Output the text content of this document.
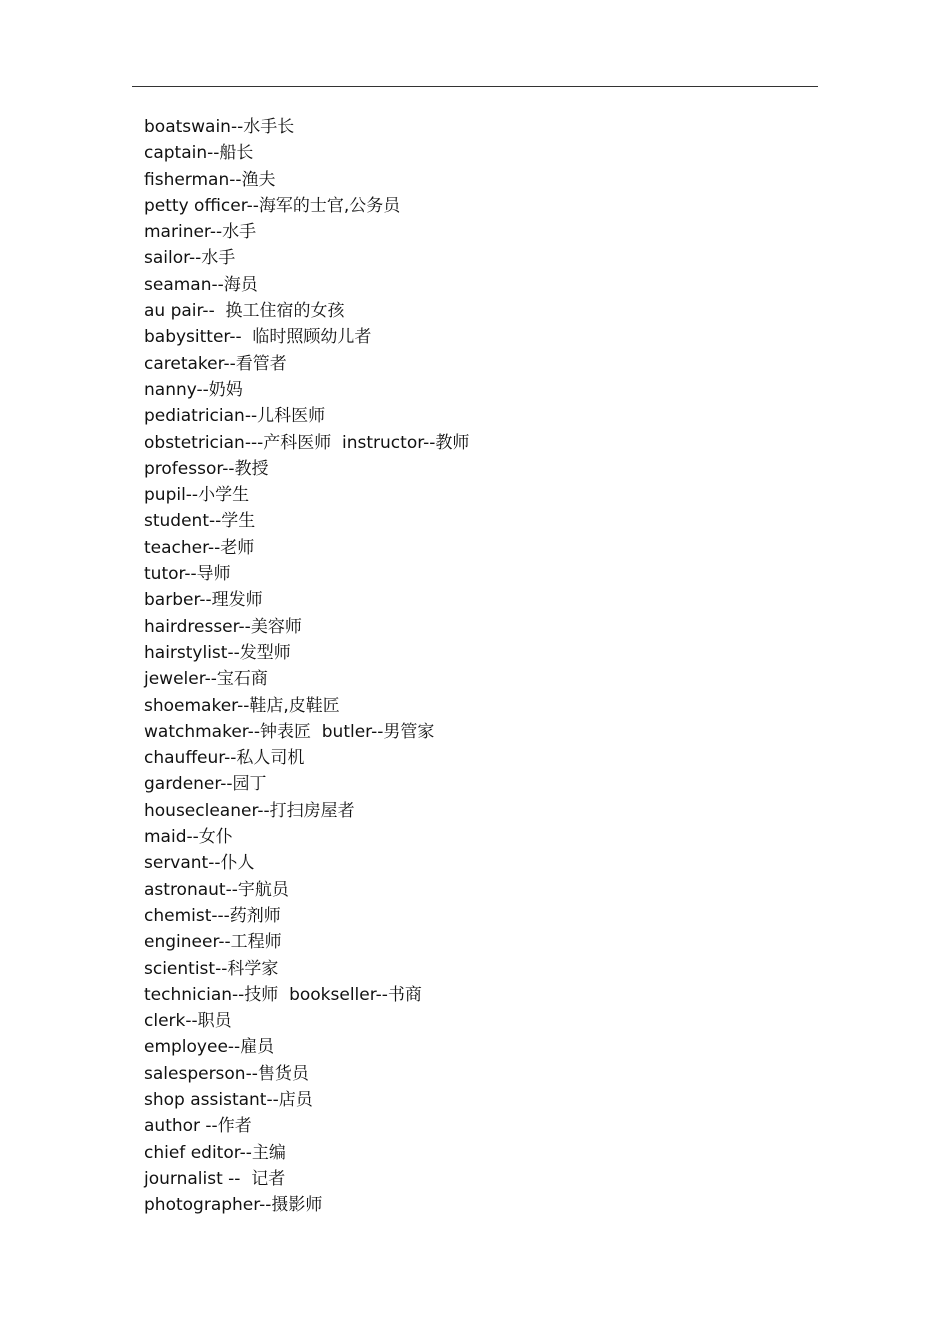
boatswain--水手长
captain--船长
fisherman--渔夫
petty officer--海军的士官,公务员
mariner--水手
sailor--水手
seaman--海员
au pair--  换工住宿的女孩
babysitter--  临时照顾幼儿者
caretaker--看管者
nanny--奶妈
pediatrician--儿科医师
obstetrician---产科医师  instructor--教师
professor--教授
pupil--小学生
student--学生
teacher--老师
tutor--导师
barber--理发师
hairdresser--美容师
hairstylist--发型师
jeweler--宝石商
shoemaker--鞋店,皮鞋匠
watchmaker--钟表匠  butler--男管家
chauffeur--私人司机
gardener--园丁
housecleaner--打扫房屋者
maid--女仆
servant--仆人
astronaut--宇航员
chemist---药剂师
engineer--工程师
scientist--科学家
technician--技师  bookseller--书商
clerk--职员
employee--雇员
salesperson--售货员
shop assistant--店员
author --作者
chief editor--主编
journalist --  记者
photographer--摄影师
